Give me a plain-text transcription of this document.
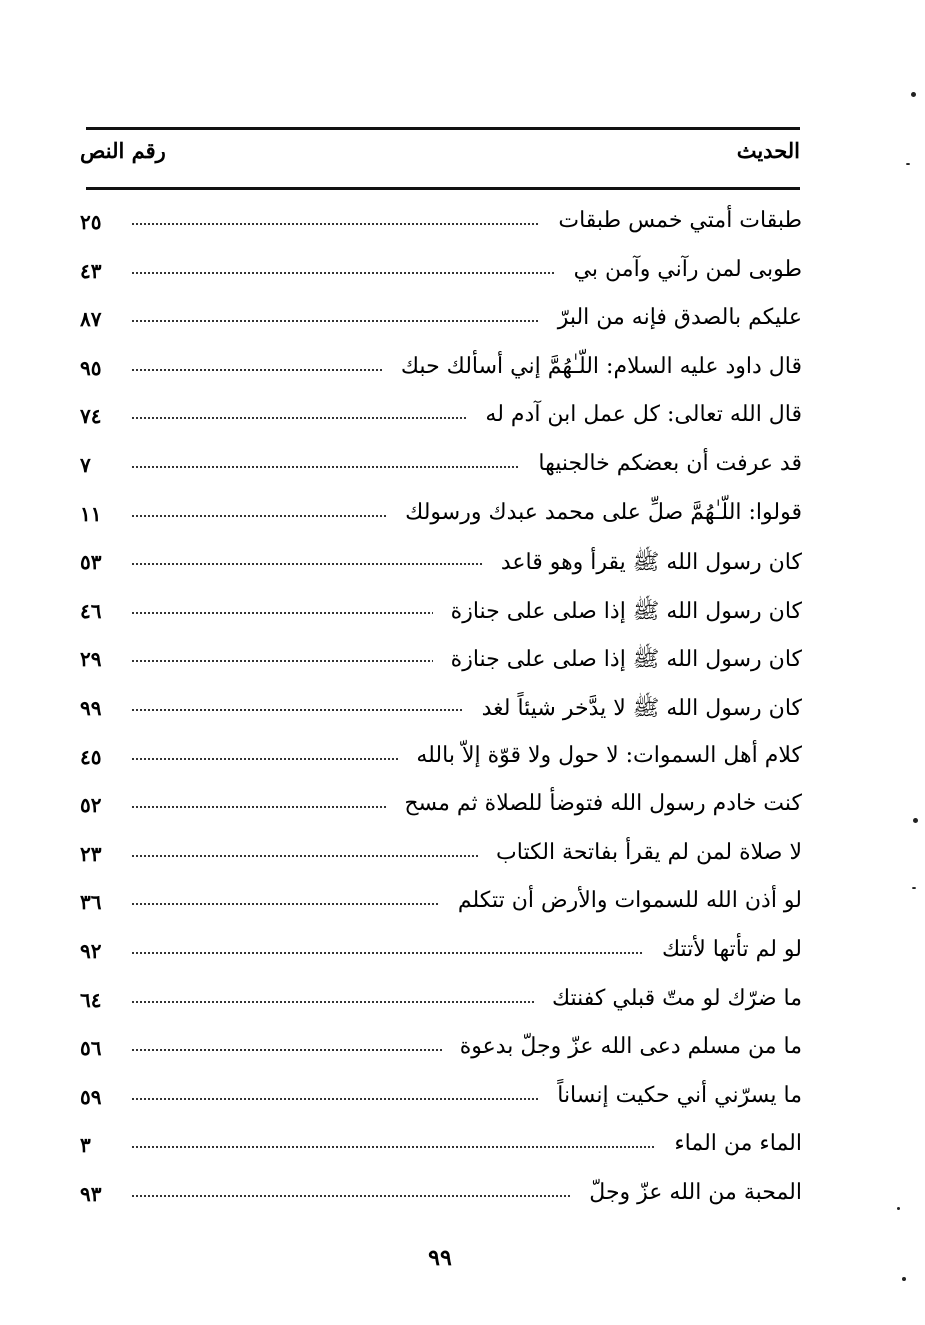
الحديث
رقم النص
طبقات أمتي خمس طبقات
٢٥
طوبى لمن رآني وآمن بي
٤٣
عليكم بالصدق فإنه من البرّ
٨٧
قال داود عليه السلام: اللّـٰهُمَّ إني أسألك حبك
٩٥
قال الله تعالى: كل عمل ابن آدم له
٧٤
قد عرفت أن بعضكم خالجنيها
٧
قولوا: اللّـٰهُمَّ صلِّ على محمد عبدك ورسولك
١١
كان رسول الله ﷺ يقرأ وهو قاعد
٥٣
كان رسول الله ﷺ إذا صلى على جنازة
٤٦
كان رسول الله ﷺ إذا صلى على جنازة
٢٩
كان رسول الله ﷺ لا يدَّخر شيئاً لغد
٩٩
كلام أهل السموات: لا حول ولا قوّة إلاّ بالله
٤٥
كنت خادم رسول الله فتوضأ للصلاة ثم مسح
٥٢
لا صلاة لمن لم يقرأ بفاتحة الكتاب
٢٣
لو أذن الله للسموات والأرض أن تتكلم
٣٦
لو لم تأتها لأتتك
٩٢
ما ضرّك لو متّ قبلي كفنتك
٦٤
ما من مسلم دعى الله عزّ وجلّ بدعوة
٥٦
ما يسرّني أني حكيت إنساناً
٥٩
الماء من الماء
٣
المحبة من الله عزّ وجلّ
٩٣
٩٩
